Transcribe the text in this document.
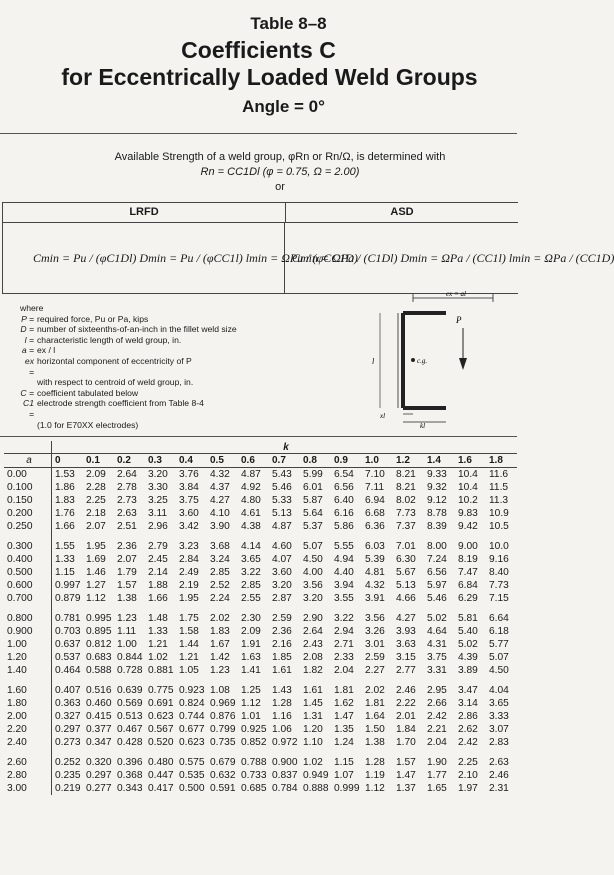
Table 8–8
Coefficients C
for Eccentrically Loaded Weld Groups
Angle = 0°
Available Strength of a weld group, φRn or Rn/Ω, is determined with
Rn = CC1Dl (φ = 0.75, Ω = 2.00)
or
LRFD	ASD
Cmin = Pu / (φC1Dl) Dmin = Pu / (φCC1l) lmin = ΩPu / (φCC1D)
Cmin = ΩPa / (C1Dl) Dmin = ΩPa / (CC1l) lmin = ΩPa / (CC1D)
where
P = required force, Pu or Pa, kips
D = number of sixteenths-of-an-inch in the fillet weld size
l = characteristic length of weld group, in.
a = ex / l
ex =
horizontal component of eccentricity of P
with respect to centroid of weld group, in.
C = coefficient tabulated below
C1 =
electrode strength coefficient from Table 8-4
(1.0 for E70XX electrodes)
ex = al
l	c.g.
P
xl
kl
	k														
a	0	0.1	0.2	0.3	0.4	0.5	0.6	0.7	0.8	0.9	1.0	1.2	1.4	1.6	1.8
0.00	1.53	2.09	2.64	3.20	3.76	4.32	4.87	5.43	5.99	6.54	7.10	8.21	9.33	10.4	11.6
0.100	1.86	2.28	2.78	3.30	3.84	4.37	4.92	5.46	6.01	6.56	7.11	8.21	9.32	10.4	11.5
0.150	1.83	2.25	2.73	3.25	3.75	4.27	4.80	5.33	5.87	6.40	6.94	8.02	9.12	10.2	11.3
0.200	1.76	2.18	2.63	3.11	3.60	4.10	4.61	5.13	5.64	6.16	6.68	7.73	8.78	9.83	10.9
0.250	1.66	2.07	2.51	2.96	3.42	3.90	4.38	4.87	5.37	5.86	6.36	7.37	8.39	9.42	10.5

0.300	1.55	1.95	2.36	2.79	3.23	3.68	4.14	4.60	5.07	5.55	6.03	7.01	8.00	9.00	10.0
0.400	1.33	1.69	2.07	2.45	2.84	3.24	3.65	4.07	4.50	4.94	5.39	6.30	7.24	8.19	9.16
0.500	1.15	1.46	1.79	2.14	2.49	2.85	3.22	3.60	4.00	4.40	4.81	5.67	6.56	7.47	8.40
0.600	0.997	1.27	1.57	1.88	2.19	2.52	2.85	3.20	3.56	3.94	4.32	5.13	5.97	6.84	7.73
0.700	0.879	1.12	1.38	1.66	1.95	2.24	2.55	2.87	3.20	3.55	3.91	4.66	5.46	6.29	7.15

0.800	0.781	0.995	1.23	1.48	1.75	2.02	2.30	2.59	2.90	3.22	3.56	4.27	5.02	5.81	6.64
0.900	0.703	0.895	1.11	1.33	1.58	1.83	2.09	2.36	2.64	2.94	3.26	3.93	4.64	5.40	6.18
1.00	0.637	0.812	1.00	1.21	1.44	1.67	1.91	2.16	2.43	2.71	3.01	3.63	4.31	5.02	5.77
1.20	0.537	0.683	0.844	1.02	1.21	1.42	1.63	1.85	2.08	2.33	2.59	3.15	3.75	4.39	5.07
1.40	0.464	0.588	0.728	0.881	1.05	1.23	1.41	1.61	1.82	2.04	2.27	2.77	3.31	3.89	4.50

1.60	0.407	0.516	0.639	0.775	0.923	1.08	1.25	1.43	1.61	1.81	2.02	2.46	2.95	3.47	4.04
1.80	0.363	0.460	0.569	0.691	0.824	0.969	1.12	1.28	1.45	1.62	1.81	2.22	2.66	3.14	3.65
2.00	0.327	0.415	0.513	0.623	0.744	0.876	1.01	1.16	1.31	1.47	1.64	2.01	2.42	2.86	3.33
2.20	0.297	0.377	0.467	0.567	0.677	0.799	0.925	1.06	1.20	1.35	1.50	1.84	2.21	2.62	3.07
2.40	0.273	0.347	0.428	0.520	0.623	0.735	0.852	0.972	1.10	1.24	1.38	1.70	2.04	2.42	2.83

2.60	0.252	0.320	0.396	0.480	0.575	0.679	0.788	0.900	1.02	1.15	1.28	1.57	1.90	2.25	2.63
2.80	0.235	0.297	0.368	0.447	0.535	0.632	0.733	0.837	0.949	1.07	1.19	1.47	1.77	2.10	2.46
3.00	0.219	0.277	0.343	0.417	0.500	0.591	0.685	0.784	0.888	0.999	1.12	1.37	1.65	1.97	2.31
